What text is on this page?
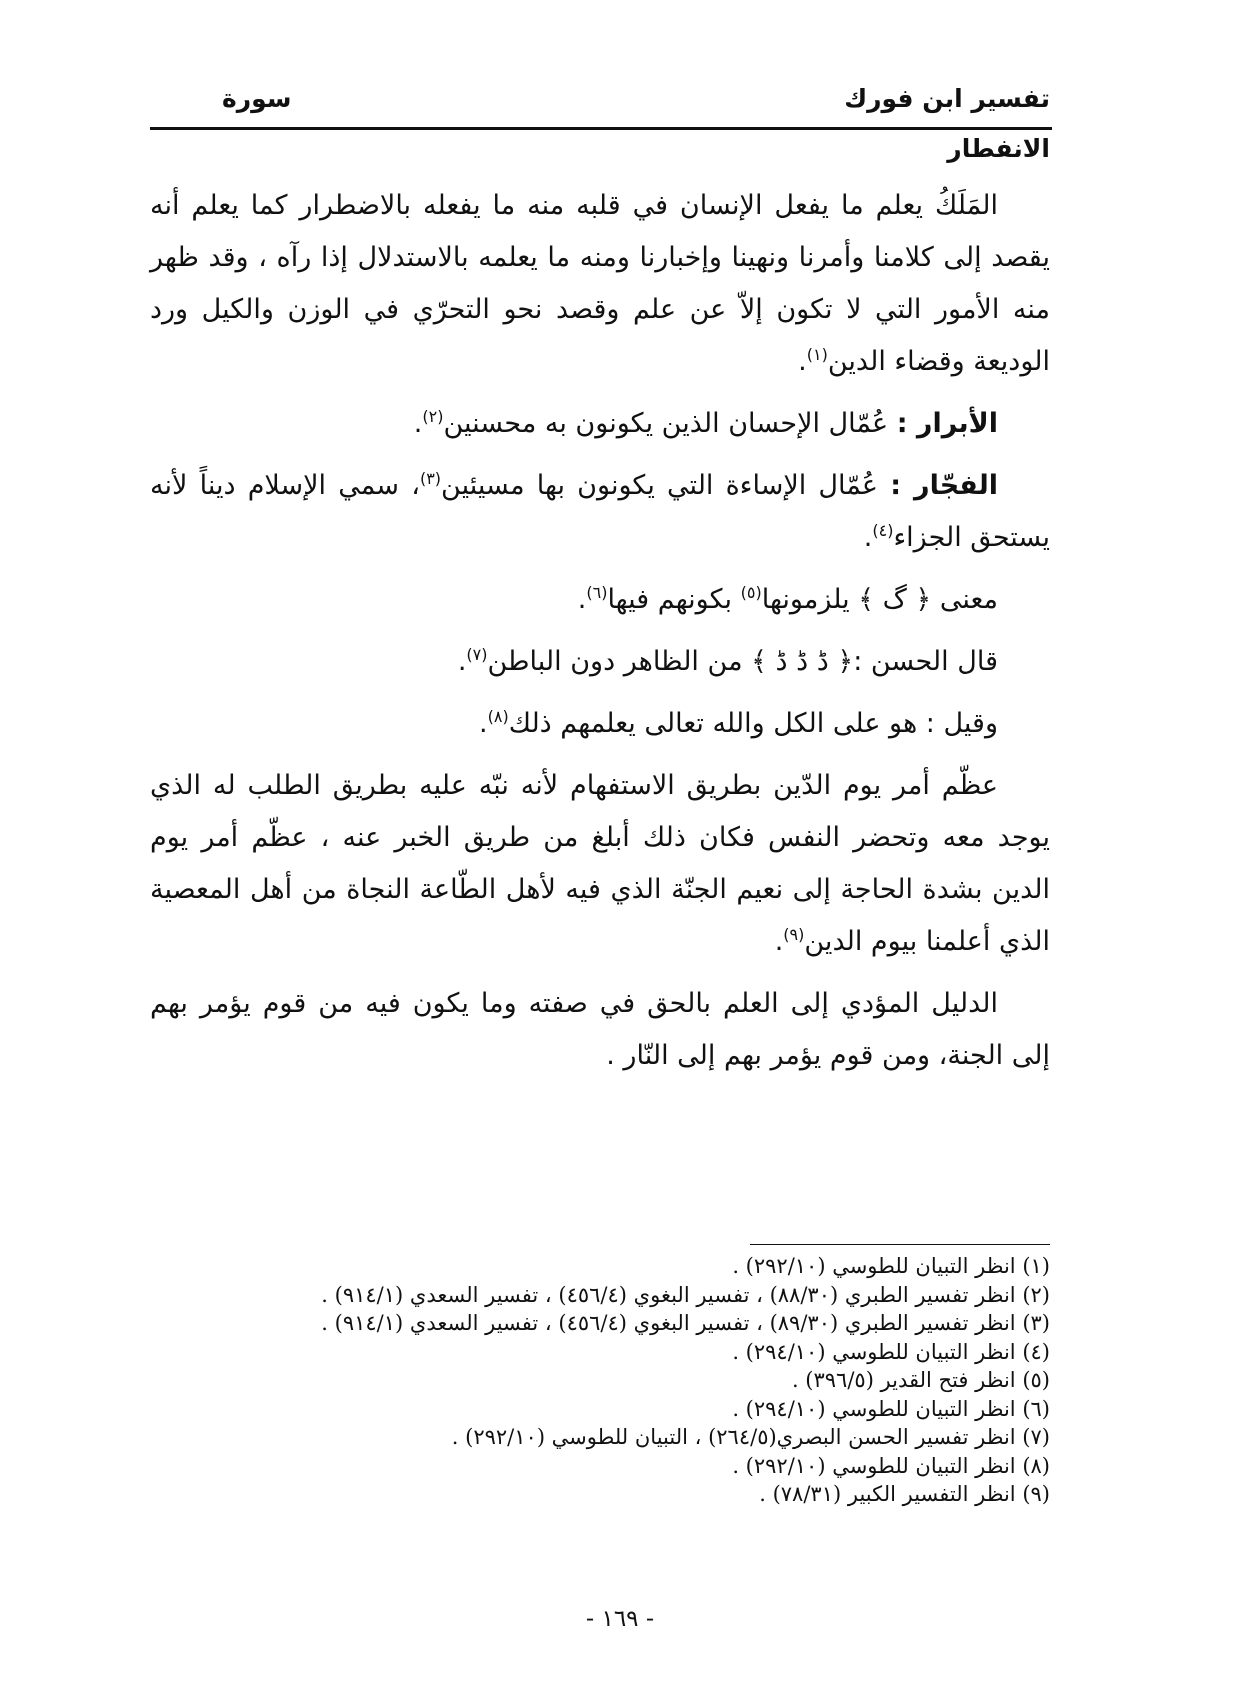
تفسير ابن فورك
سورة
الانفطار

المَلَكُ يعلم ما يفعل الإنسان في قلبه منه ما يفعله بالاضطرار كما يعلم أنه يقصد إلى كلامنا وأمرنا ونهينا وإخبارنا ومنه ما يعلمه بالاستدلال إذا رآه ، وقد ظهر منه الأمور التي لا تكون إلاّ عن علم وقصد نحو التحرّي في الوزن والكيل ورد الوديعة وقضاء الدين$^{(١)}$.

الأبرار : عُمّال الإحسان الذين يكونون به محسنين$^{(٢)}$.

الفجّار : عُمّال الإساءة التي يكونون بها مسيئين$^{(٣)}$، سمي الإسلام ديناً لأنه يستحق الجزاء$^{(٤)}$.

معنى ﴿ گ ﴾ يلزمونها$^{(٥)}$ بكونهم فيها$^{(٦)}$.

قال الحسن :﴿ ڈ ڈ ڈ ﴾ من الظاهر دون الباطن$^{(٧)}$.

وقيل : هو على الكل والله تعالى يعلمهم ذلك$^{(٨)}$.

عظّم أمر يوم الدّين بطريق الاستفهام لأنه نبّه عليه بطريق الطلب له الذي يوجد معه وتحضر النفس فكان ذلك أبلغ من طريق الخبر عنه ، عظّم أمر يوم الدين بشدة الحاجة إلى نعيم الجنّة الذي فيه لأهل الطّاعة النجاة من أهل المعصية الذي أعلمنا بيوم الدين$^{(٩)}$.

الدليل المؤدي إلى العلم بالحق في صفته وما يكون فيه من قوم يؤمر بهم إلى الجنة، ومن قوم يؤمر بهم إلى النّار .

(١) انظر التبيان للطوسي (٢٩٢/١٠) .

(٢) انظر تفسير الطبري (٨٨/٣٠) ، تفسير البغوي (٤٥٦/٤) ، تفسير السعدي (٩١٤/١) .

(٣) انظر تفسير الطبري (٨٩/٣٠) ، تفسير البغوي (٤٥٦/٤) ، تفسير السعدي (٩١٤/١) .

(٤) انظر التبيان للطوسي (٢٩٤/١٠) .

(٥) انظر فتح القدير (٣٩٦/٥) .

(٦) انظر التبيان للطوسي (٢٩٤/١٠) .

(٧) انظر تفسير الحسن البصري(٢٦٤/٥) ، التبيان للطوسي (٢٩٢/١٠) .

(٨) انظر التبيان للطوسي (٢٩٢/١٠) .

(٩) انظر التفسير الكبير (٧٨/٣١) .

- ١٦٩ -
